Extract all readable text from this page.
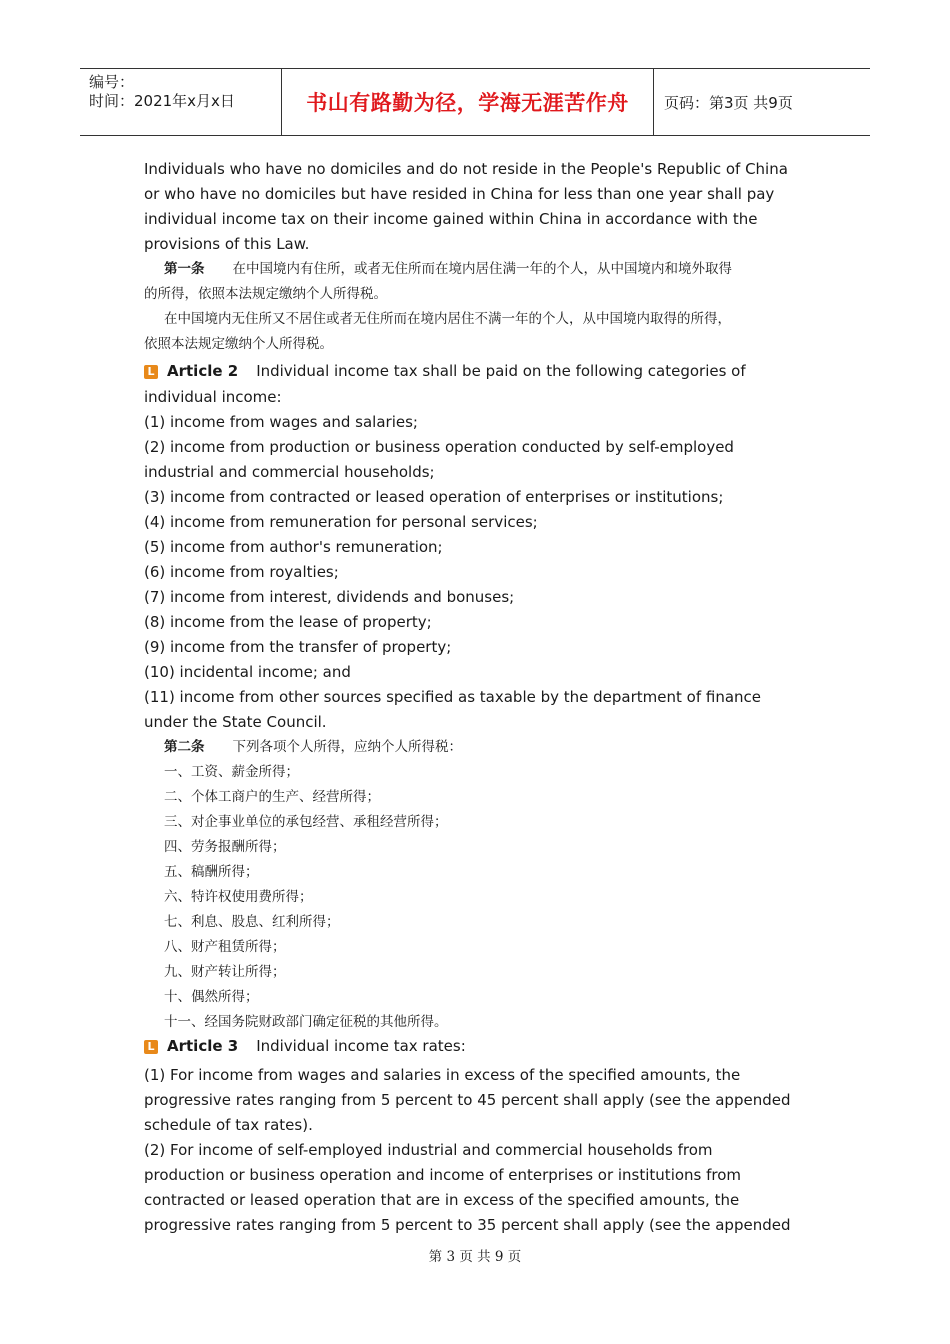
编号：
时间：2021年x月x日	书山有路勤为径，学海无涯苦作舟 页码：第3页 共9页

Individuals who have no domiciles and do not reside in the People's Republic of China

or who have no domiciles but have resided in China for less than one year shall pay

individual income tax on their income gained within China in accordance with the

provisions of this Law.

第一条 在中国境内有住所，或者无住所而在境内居住满一年的个人，从中国境内和境外取得

的所得，依照本法规定缴纳个人所得税。

在中国境内无住所又不居住或者无住所而在境内居住不满一年的个人，从中国境内取得的所得，

依照本法规定缴纳个人所得税。

L Article 2 Individual income tax shall be paid on the following categories of

individual income:

(1) income from wages and salaries;

(2) income from production or business operation conducted by self-employed

industrial and commercial households;

(3) income from contracted or leased operation of enterprises or institutions;

(4) income from remuneration for personal services;

(5) income from author's remuneration;

(6) income from royalties;

(7) income from interest, dividends and bonuses;

(8) income from the lease of property;

(9) income from the transfer of property;

(10) incidental income; and

(11) income from other sources specified as taxable by the department of finance

under the State Council.

第二条 下列各项个人所得，应纳个人所得税：

一、工资、薪金所得；

二、个体工商户的生产、经营所得；

三、对企事业单位的承包经营、承租经营所得；

四、劳务报酬所得；

五、稿酬所得；

六、特许权使用费所得；

七、利息、股息、红利所得；

八、财产租赁所得；

九、财产转让所得；

十、偶然所得；

十一、经国务院财政部门确定征税的其他所得。

L Article 3 Individual income tax rates:

(1) For income from wages and salaries in excess of the specified amounts, the

progressive rates ranging from 5 percent to 45 percent shall apply (see the appended

schedule of tax rates).

(2) For income of self-employed industrial and commercial households from

production or business operation and income of enterprises or institutions from

contracted or leased operation that are in excess of the specified amounts, the

progressive rates ranging from 5 percent to 35 percent shall apply (see the appended

第 3 页 共 9 页
